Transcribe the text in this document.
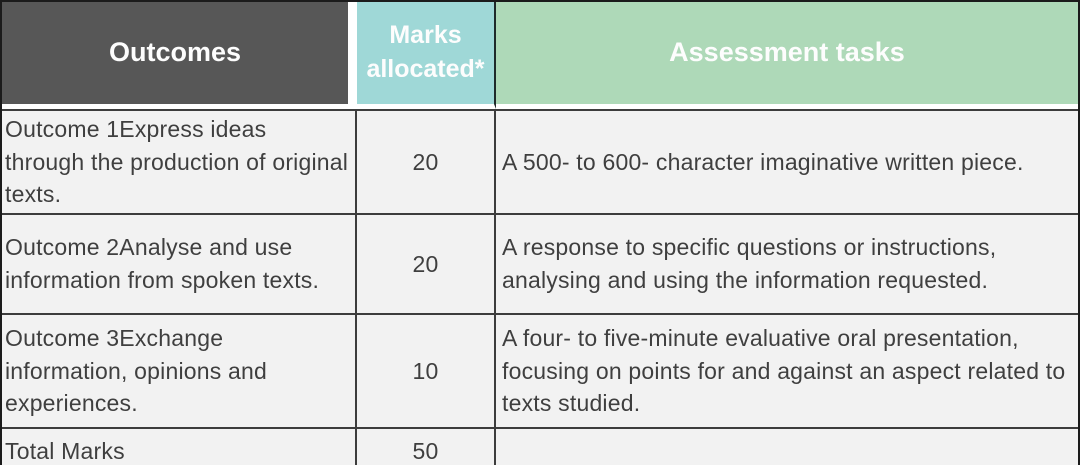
Outcomes	Marks allocated*	Assessment tasks
Outcome 1Express ideas through the production of original texts.	20	A 500- to 600- character imaginative written piece.
Outcome 2Analyse and use information from spoken texts.	20	A response to specific questions or instructions, analysing and using the information requested.
Outcome 3Exchange information, opinions and experiences.	10	A four- to five-minute evaluative oral presentation, focusing on points for and against an aspect related to texts studied.
Total Marks	50	
